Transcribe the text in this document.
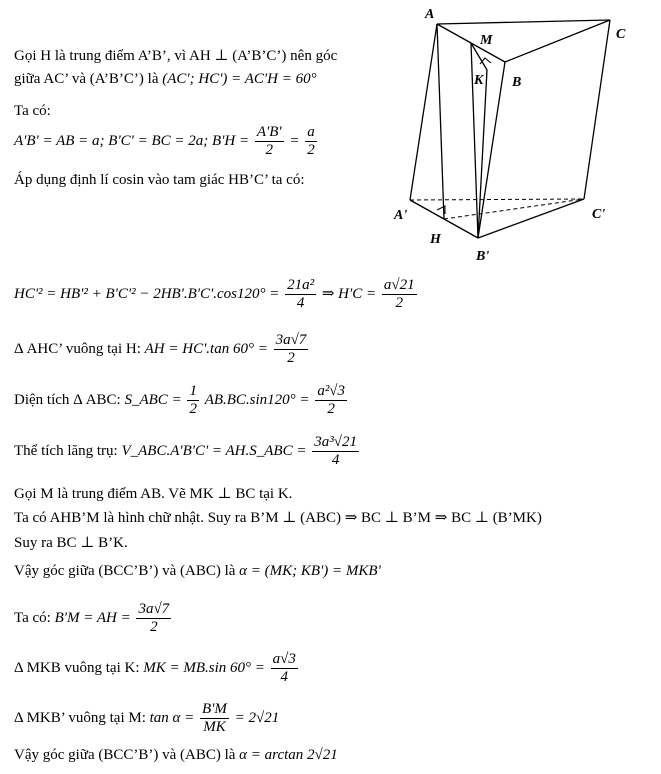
A
C
M
K B
A'	C'
H
B'
Gọi H là trung điểm A’B’, vì AH ⊥ (A’B’C’) nên góc
giữa AC’ và (A’B’C’) là (AC'; HC') = AC'H = 60°
Ta có:
A'B' = AB = a; B'C' = BC = 2a; $B'H = \frac{A'B'}{2} = \frac{a}{2}$
Áp dụng định lí cosin vào tam giác HB’C’ ta có:
$HC'^2 = HB'^2 + B'C'^2 - 2HB'.B'C'.\cos 120^\circ = \frac{\text{21a²}}{4}$ ⇒ $H'C = \frac{a√21}{2}$
Δ AHC’ vuông tại H: AH = HC'.tan $60^\circ = \frac{3a√7}{2}$
Diện tích Δ ABC: S_ABC = $\frac{1}{2} AB.BC.\sin 120^\circ = \frac{\text{a²√3}}{2}$
Thể tích lăng trụ: V_ABC.A'B'C' = AH.S_ABC = $\frac{\text{3a³√21}}{4}$
Gọi M là trung điểm AB. Vẽ MK ⊥ BC tại K.
Ta có AHB’M là hình chữ nhật. Suy ra B’M ⊥ (ABC) ⇒ BC ⊥ B’M ⇒ BC ⊥ (B’MK)
Suy ra BC ⊥ B’K.
Vậy góc giữa (BCC’B’) và (ABC) là α = (MK; KB') = MKB'
Ta có: B'M = AH = $\frac{3a√7}{2}$
Δ MKB vuông tại K: MK = MB.sin $60^\circ = \frac{a√3}{4}$
Δ MKB’ vuông tại M: $\tan \alpha = \frac{B'M}{MK} = 2√21$
Vậy góc giữa (BCC’B’) và (ABC) là α = arctan 2√21
